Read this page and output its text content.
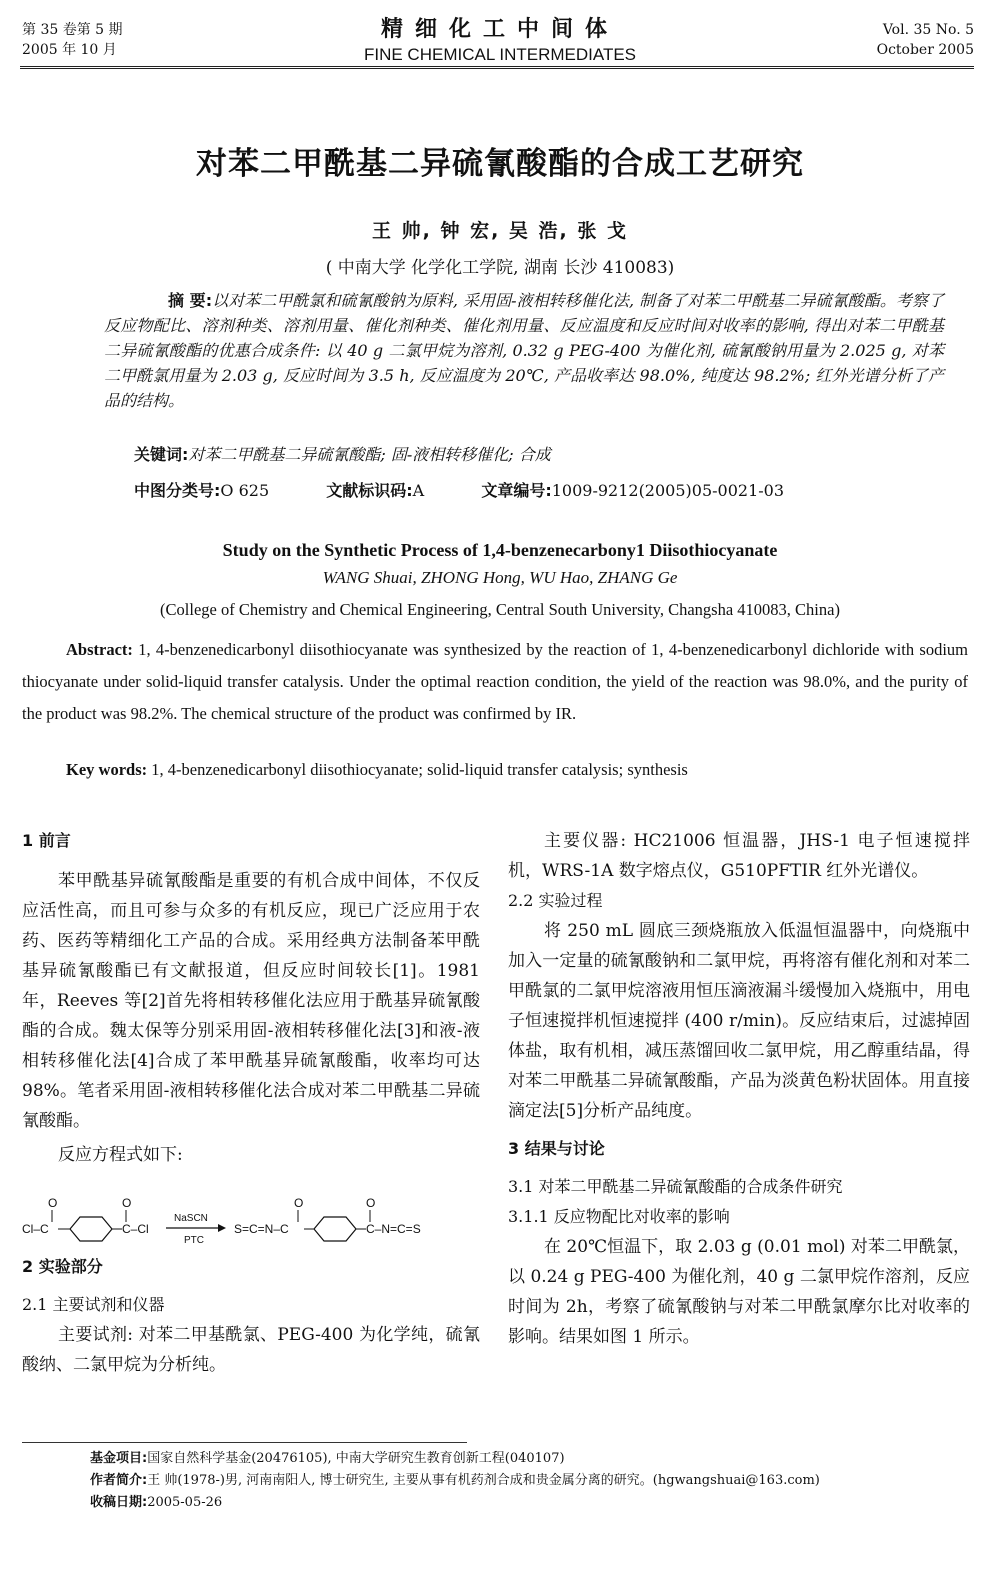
第 35 卷第 5 期
2005 年 10 月
精细化工中间体
FINE CHEMICAL INTERMEDIATES
Vol. 35 No. 5
October 2005
对苯二甲酰基二异硫氰酸酯的合成工艺研究
王 帅, 钟 宏, 吴 浩, 张 戈
( 中南大学 化学化工学院, 湖南 长沙 410083)
摘 要:以对苯二甲酰氯和硫氰酸钠为原料, 采用固-液相转移催化法, 制备了对苯二甲酰基二异硫氰酸酯。考察了反应物配比、溶剂种类、溶剂用量、催化剂种类、催化剂用量、反应温度和反应时间对收率的影响, 得出对苯二甲酰基二异硫氰酸酯的优惠合成条件: 以 40 g 二氯甲烷为溶剂, 0.32 g PEG-400 为催化剂, 硫氰酸钠用量为 2.025 g, 对苯二甲酰氯用量为 2.03 g, 反应时间为 3.5 h, 反应温度为 20℃, 产品收率达 98.0%, 纯度达 98.2%; 红外光谱分析了产品的结构。
关键词:对苯二甲酰基二异硫氰酸酯; 固-液相转移催化; 合成
中图分类号:O 625	文献标识码:A	文章编号:1009-9212(2005)05-0021-03
Study on the Synthetic Process of 1,4-benzenecarbony1 Diisothiocyanate
WANG Shuai, ZHONG Hong, WU Hao, ZHANG Ge
(College of Chemistry and Chemical Engineering, Central South University, Changsha 410083, China)

Abstract: 1, 4-benzenedicarbonyl diisothiocyanate was synthesized by the reaction of 1, 4-benzenedicarbonyl dichloride with sodium thiocyanate under solid-liquid transfer catalysis. Under the optimal reaction condition, the yield of the reaction was 98.0%, and the purity of the product was 98.2%. The chemical structure of the product was confirmed by IR.

Key words: 1, 4-benzenedicarbonyl diisothiocyanate; solid-liquid transfer catalysis; synthesis

1 前言

苯甲酰基异硫氰酸酯是重要的有机合成中间体，不仅反应活性高，而且可参与众多的有机反应，现已广泛应用于农药、医药等精细化工产品的合成。采用经典方法制备苯甲酰基异硫氰酸酯已有文献报道，但反应时间较长[1]。1981 年，Reeves 等[2]首先将相转移催化法应用于酰基异硫氰酸酯的合成。魏太保等分别采用固-液相转移催化法[3]和液-液相转移催化法[4]合成了苯甲酰基异硫氰酸酯，收率均可达 98%。笔者采用固-液相转移催化法合成对苯二甲酰基二异硫氰酸酯。

反应方程式如下:

2 实验部分

2.1 主要试剂和仪器

主要试剂: 对苯二甲基酰氯、PEG-400 为化学纯，硫氰酸纳、二氯甲烷为分析纯。

Cl–C
O
C–Cl
O
NaSCN
PTC
S=C=N–C
O
C–N=C=S
O

主要仪器: HC21006 恒温器，JHS-1 电子恒速搅拌机，WRS-1A 数字熔点仪，G510PFTIR 红外光谱仪。

2.2 实验过程

将 250 mL 圆底三颈烧瓶放入低温恒温器中，向烧瓶中加入一定量的硫氰酸钠和二氯甲烷，再将溶有催化剂和对苯二甲酰氯的二氯甲烷溶液用恒压滴液漏斗缓慢加入烧瓶中，用电子恒速搅拌机恒速搅拌 (400 r/min)。反应结束后，过滤掉固体盐，取有机相，减压蒸馏回收二氯甲烷，用乙醇重结晶，得对苯二甲酰基二异硫氰酸酯，产品为淡黄色粉状固体。用直接滴定法[5]分析产品纯度。

3 结果与讨论

3.1 对苯二甲酰基二异硫氰酸酯的合成条件研究

3.1.1 反应物配比对收率的影响

在 20℃恒温下，取 2.03 g (0.01 mol) 对苯二甲酰氯，以 0.24 g PEG-400 为催化剂，40 g 二氯甲烷作溶剂，反应时间为 2h，考察了硫氰酸钠与对苯二甲酰氯摩尔比对收率的影响。结果如图 1 所示。

基金项目:国家自然科学基金(20476105), 中南大学研究生教育创新工程(040107)
作者简介:王 帅(1978-)男, 河南南阳人, 博士研究生, 主要从事有机药剂合成和贵金属分离的研究。(hgwangshuai@163.com)
收稿日期:2005-05-26
